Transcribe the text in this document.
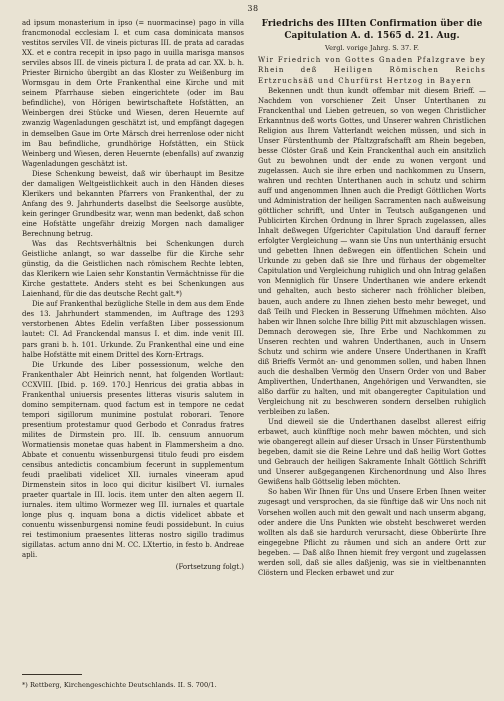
38

ad ipsum monasterium in ipso (= nuormacinse) pago in villa francmonodal ecclesiam I. et cum casa dominicata mansos vestitos serviles VII. de vineis picturas III. de prata ad caradas XX. et e contra recepit in ipso pago in uuilla marisga mansos serviles absos III. de vineis pictura I. de prata ad car. XX. b. h. Priester Birnicho übergibt an das Kloster zu Weißenburg im Wormsgau in dem Orte Frankenthal eine Kirche und mit seinem Pfarrhause sieben eingerichtete (oder im Bau befindliche), von Hörigen bewirtschaftete Hofstätten, an Weinbergen drei Stücke und Wiesen, deren Heuernte auf zwanzig Wagenladungen geschätzt ist, und empfängt dagegen in demselben Gaue im Orte Märsch drei herrenlose oder nicht im Bau befindliche, grundhörige Hofstätten, ein Stück Weinberg und Wiesen, deren Heuernte (ebenfalls) auf zwanzig Wagenladungen geschätzt ist.

Diese Schenkung beweist, daß wir überhaupt im Besitze der damaligen Weltgeistlichkeit auch in den Händen dieses Klerikers und bekannten Pfarrers von Frankenthal, der zu Anfang des 9. Jahrhunderts daselbst die Seelsorge ausübte, kein geringer Grundbesitz war, wenn man bedenkt, daß schon eine Hofstätte ungefähr dreizig Morgen nach damaliger Berechnung betrug.

Was das Rechtsverhältnis bei Schenkungen durch Geistliche anlangt, so war dasselbe für die Kirche sehr günstig, da die Geistlichen nach römischem Rechte lebten, das Klerikern wie Laien sehr Konstantin Vermächtnisse für die Kirche gestattete. Anders steht es bei Schenkungen aus Laienhand, für die das deutsche Recht galt.*)

Die auf Frankenthal bezügliche Stelle in dem aus dem Ende des 13. Jahrhundert stammenden, im Auftrage des 1293 verstorbenen Abtes Edelin verfaßten Liber possessionum lautet: CI. Ad Franckendal mansus I. et dim. inde venit III. pars grani b. h. 101. Urkunde. Zu Frankenthal eine und eine halbe Hofstätte mit einem Drittel des Korn-Ertrags.

Die Urkunde des Liber possessionum, welche den Frankenthaler Abt Heinrich nennt, hat folgenden Wortlaut: CCXVIII. [Ibid. p. 169. 170.] Henricus dei gratia abbas in Frankenthal uniuersis presentes litteras visuris salutem in domino sempiternam. quod factum est in tempore ne cedat tempori sigillorum munimine postulat roborari. Tenore presentium protestamur quod Gerbodo et Conradus fratres milites de Dirmstein pro. III. lb. censuum annuorum Wormatiensis monetae quas habent in Flammersheim a dno. Abbate et conuentu wissenburgensi titulo feudi pro eisdem censibus antedictis concambium fecerunt in supplementum feudi praelibati videlicet XII. iurnales vineeram apud Dirmenstein sitos in loco qui dicitur kisilbert VI. iurnales praeter quartale in III. locis. item unter den alten aegern II. iurnales. item ultimo Wormezer weg III. iurnales et quartale longe plus q. inquam bona a dictis videlicet abbate et conuentu wissenburgensi nomine feudi possidebunt. In cuius rei testimonium praesentes litteras nostro sigillo tradimus sigillatas. actum anno dni M. CC. LXtertio, in festo b. Andreae apli.

(Fortsetzung folgt.)

*) Rettberg, Kirchengeschichte Deutschlands. II. S. 700/1.
Friedrichs des IIIten Confirmation über die Capitulation A. d. 1565 d. 21. Aug.
Vergl. vorige Jahrg. S. 37. F.

Wir Friedrich von Gottes Gnaden Pfalzgrave bey Rhein deß Heiligen Römischen Reichs Ertzruchsäß und Churfürst Hertzog in Bayern

Bekennen undt thun kundt offembar mit diesem Brieff. — Nachdem von vorschiener Zeit Unser Unterthanen zu Franckenthal und Lieben getreuen, so von wegen Christlicher Erkanntnus deß worts Gottes, und Unserer wahren Christlichen Religion aus Ihrem Vatterlandt weichen müssen, und sich in Unser Fürstenthumb der Pfaltzgrafschafft am Rhein begeben, besse Clöster Graß und Kein Franckenthal auch ein ansitzlich Gut zu bewohnen undt der ende zu wonen vergont und zugelassen. Auch sie ihre erben und nachkommen zu Unsern, wahren und rechten Unterthanen auch in schutz und schirm auff und angenommen Ihnen auch die Predigt Göttlichen Worts und Administration der heiligen Sacramenten nach außweisung göttlicher schrifft, und Unter in Teutsch außgangenen und Publicirten Kirchen Ordnung in Ihrer Sprach zugelassen, alles Inhalt deßwegen Ufgerichter Capitulation Und darauff ferner erfolgter Vergleichung — wann sie Uns nun unterthänig ersucht und gebetten Ihnen deßwegen ein öffentlichen Schein und Urkunde zu geben daß sie Ihre und fürhaus der obgemelter Capitulation und Vergleichung ruhiglich und ohn Intrag gelaßen von Menniglich für Unsere Underthanen wie andere erkendt und gehalten, auch besto sicherer nach fröhlicher bleiben, bauen, auch andere zu Ihnen ziehen besto mehr beweget, und daß Teilh und Flecken in Besserung Uffnehmen möchten. Also haben wir Ihnen solche Ihre billig Pitt mit abzuschlagen wissen. Demnach derowegen sie, Ihre Erbe und Nachkommen zu Unseren rechten und wahren Underthanen, auch in Unsern Schutz und schirm wie andere Unsere Underthanen in Krafft diß Brieffs Vermöt an- und genommen sollen, und haben Ihnen auch die deshalben Vermög den Unsern Order von und Baber Ampliverthen, Underthanen, Angehörigen und Verwandten, sie alßo darfür zu halten, und mit obangeregter Capitulation und Vergleichung nit zu beschweren sondern derselben ruhiglich verbleiben zu laßen.

Und dieweil sie die Underthanen daselbst allerest eifrig erbawet, auch künfftige noch mehr bawen möchten, und sich wie obangeregt allein auf dieser Ursach in Unser Fürstenthumb begeben, damit sie die Reine Lehre und daß heilig Wort Gottes und Gebrauch der heiligen Sakramente Inhalt Göttlich Schrifft und Unserer außgegangenen Kirchenordnung und Also Ihres Gewißens halb Göttselig leben möchten.

So haben Wir Ihnen für Uns und Unsere Erben Ihnen weiter zugesagt und versprochen, da sie fünftige daß wir Uns noch nit Vorsehen wollen auch mit den gewalt und nach unserm abgang, oder andere die Uns Punkten wie obsteht beschweret werden wollten als daß sie hardurch verursacht, diese Obberürte Ihre eingegebne Pflicht zu räumen und sich an andere Ortt zur begeben. — Daß alßo Ihnen hiemit frey vergont und zugelassen werden soll, daß sie alles daßjenig, was sie in vieltbenannten Clöstern und Flecken erbawet und zur
